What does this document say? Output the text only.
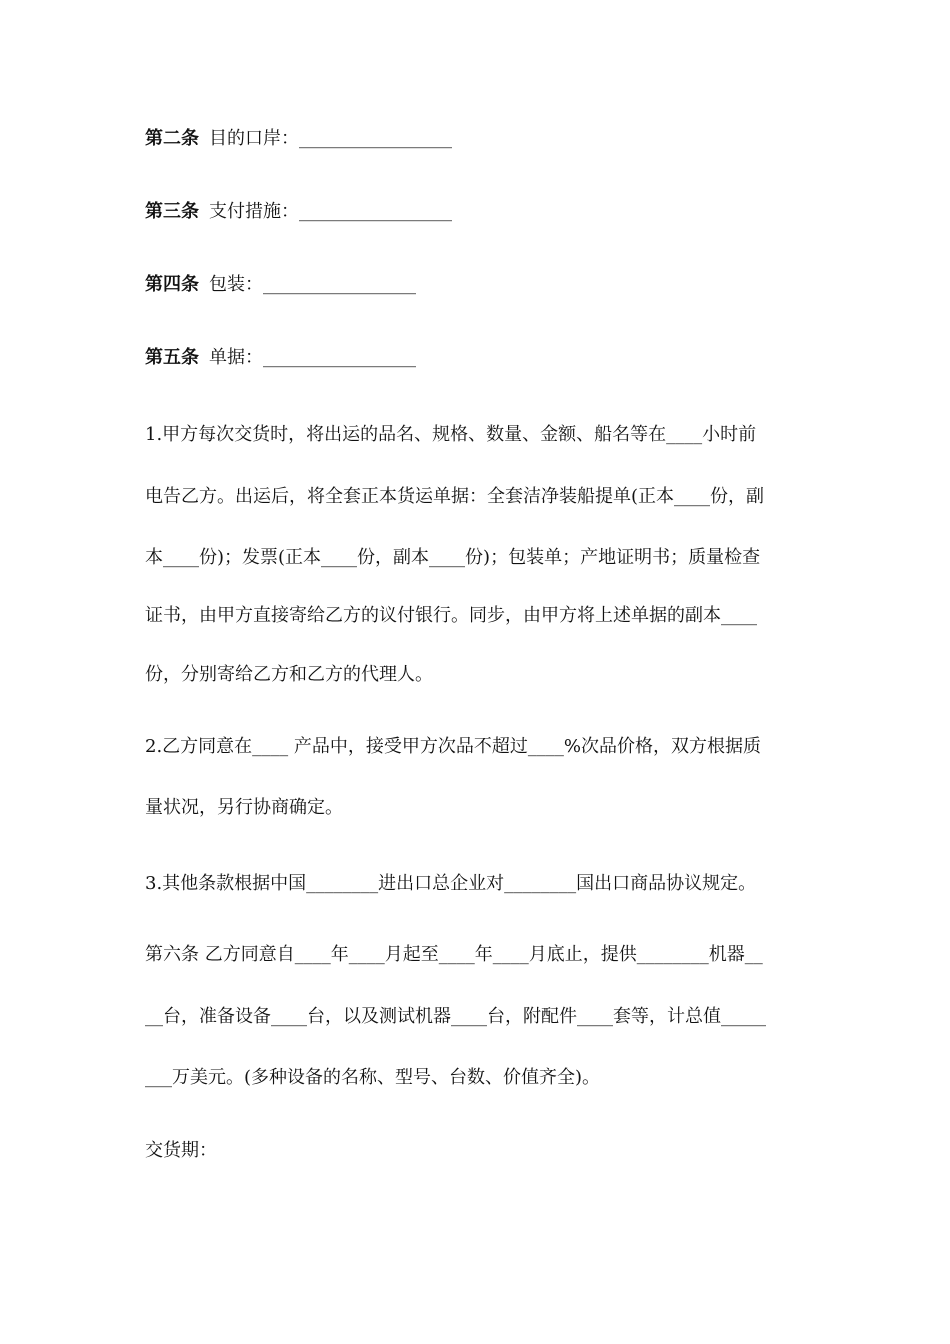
第二条 目的口岸：_________________
第三条 支付措施：_________________
第四条 包装：_________________
第五条 单据：_________________
1.甲方每次交货时，将出运的品名、规格、数量、金额、船名等在____小时前
电告乙方。出运后，将全套正本货运单据：全套洁净装船提单(正本____份，副
本____份)；发票(正本____份，副本____份)；包装单；产地证明书；质量检查
证书，由甲方直接寄给乙方的议付银行。同步，由甲方将上述单据的副本____
份，分别寄给乙方和乙方的代理人。
2.乙方同意在____ 产品中，接受甲方次品不超过____%次品价格，双方根据质
量状况，另行协商确定。
3.其他条款根据中国________进出口总企业对________国出口商品协议规定。
第六条 乙方同意自____年____月起至____年____月底止，提供________机器__
__台，准备设备____台，以及测试机器____台，附配件____套等，计总值_____
___万美元。(多种设备的名称、型号、台数、价值齐全)。
交货期：
